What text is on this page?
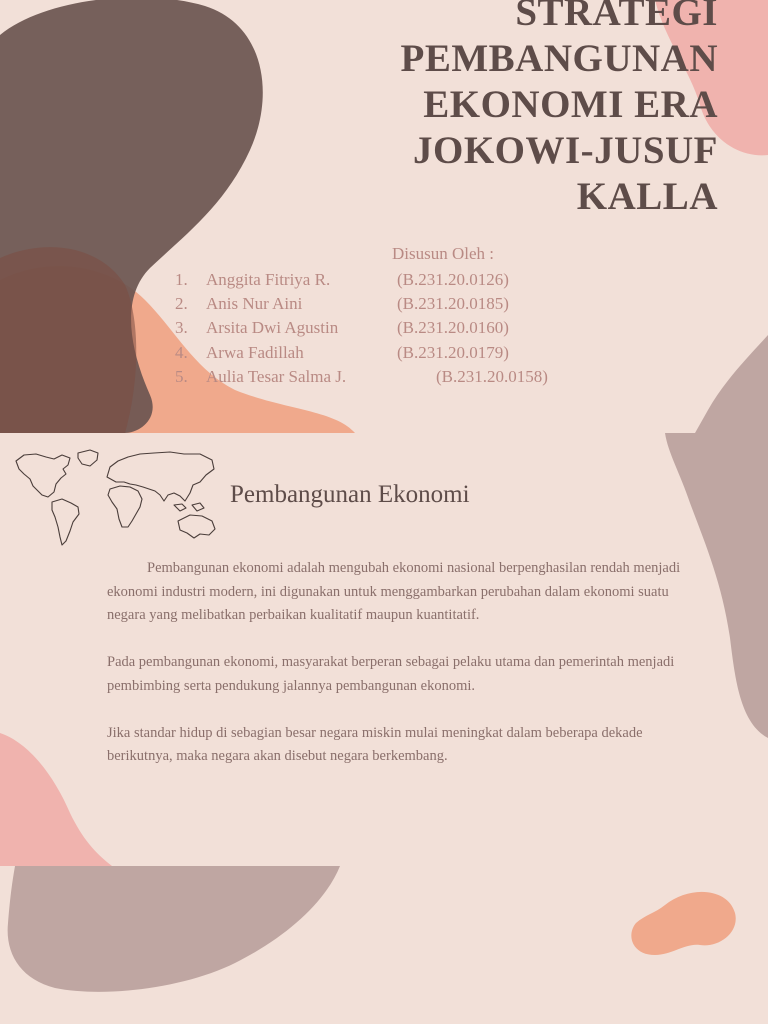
STRATEGI
PEMBANGUNAN
EKONOMI ERA
JOKOWI-JUSUF
KALLA
Disusun Oleh :
1. Anggita Fitriya R.	(B.231.20.0126)
2. Anis Nur Aini	(B.231.20.0185)
3. Arsita Dwi Agustin	(B.231.20.0160)
4. Arwa Fadillah	(B.231.20.0179)
5. Aulia Tesar Salma J.	(B.231.20.0158)
Pembangunan Ekonomi

Pembangunan ekonomi adalah mengubah ekonomi nasional berpenghasilan rendah menjadi ekonomi industri modern, ini digunakan untuk menggambarkan perubahan dalam ekonomi suatu negara yang melibatkan perbaikan kualitatif maupun kuantitatif.

Pada pembangunan ekonomi, masyarakat berperan sebagai pelaku utama dan pemerintah menjadi pembimbing serta pendukung jalannya pembangunan ekonomi.

Jika standar hidup di sebagian besar negara miskin mulai meningkat dalam beberapa dekade berikutnya, maka negara akan disebut negara berkembang.
